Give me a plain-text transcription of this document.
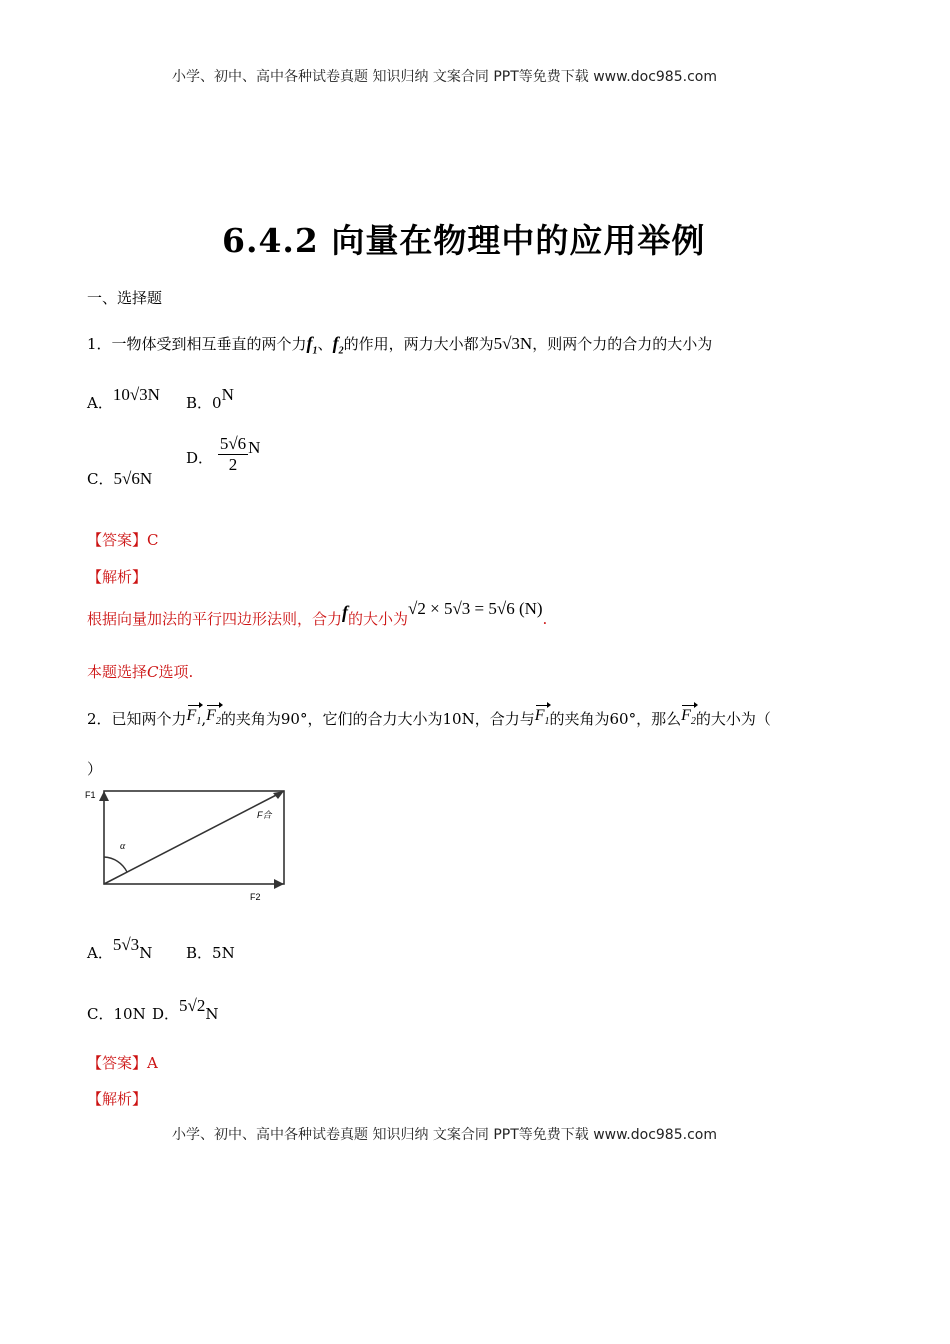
小学、初中、高中各种试卷真题 知识归纳 文案合同 PPT等免费下载 www.doc985.com
6.4.2 向量在物理中的应用举例
一、选择题
1．一物体受到相互垂直的两个力$f_1$、$f_2$的作用，两力大小都为5√3N，则两个力的合力的大小为
A．10√3N B．0N
C．5√6N
D． $\frac{5√6}{2}$ N
【答案】C
【解析】
根据向量加法的平行四边形法则，合力f的大小为√2 × 5√3 = 5√6 (N).
本题选择C选项.
2．已知两个力$F_1,F_2$的夹角为90°，它们的合力大小为10N，合力与$F_1$的夹角为60°，那么$F_2$的大小为（
）
F1
F2
F合
α
A．5√3N B．5N
C．10N D．5√2N
【答案】A
【解析】
小学、初中、高中各种试卷真题 知识归纳 文案合同 PPT等免费下载 www.doc985.com
